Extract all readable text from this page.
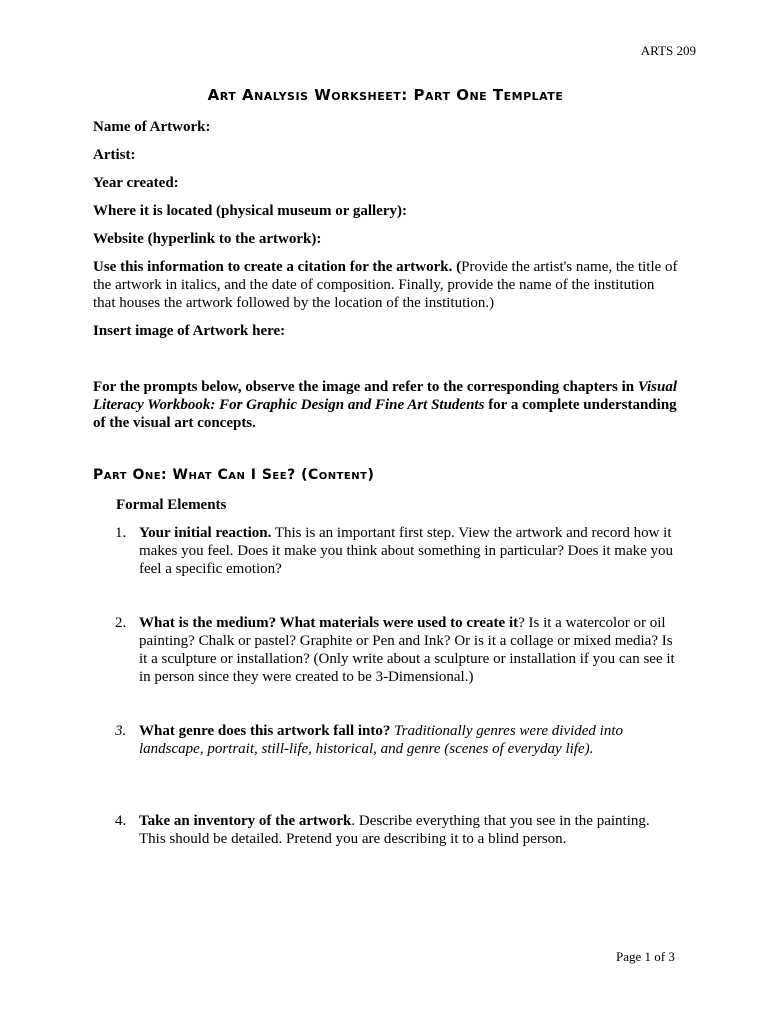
ARTS 209
Art Analysis Worksheet: Part One Template
Name of Artwork:
Artist:
Year created:
Where it is located (physical museum or gallery):
Website (hyperlink to the artwork):
Use this information to create a citation for the artwork. (Provide the artist's name, the title of the artwork in italics, and the date of composition. Finally, provide the name of the institution that houses the artwork followed by the location of the institution.)
Insert image of Artwork here:
For the prompts below, observe the image and refer to the corresponding chapters in Visual Literacy Workbook: For Graphic Design and Fine Art Students for a complete understanding of the visual art concepts.
Part One: What Can I See? (Content)
Formal Elements
1. Your initial reaction. This is an important first step. View the artwork and record how it makes you feel. Does it make you think about something in particular? Does it make you feel a specific emotion?
2. What is the medium? What materials were used to create it? Is it a watercolor or oil painting? Chalk or pastel? Graphite or Pen and Ink? Or is it a collage or mixed media? Is it a sculpture or installation? (Only write about a sculpture or installation if you can see it in person since they were created to be 3-Dimensional.)
3. What genre does this artwork fall into? Traditionally genres were divided into landscape, portrait, still-life, historical, and genre (scenes of everyday life).
4. Take an inventory of the artwork. Describe everything that you see in the painting. This should be detailed. Pretend you are describing it to a blind person.
Page 1 of 3
